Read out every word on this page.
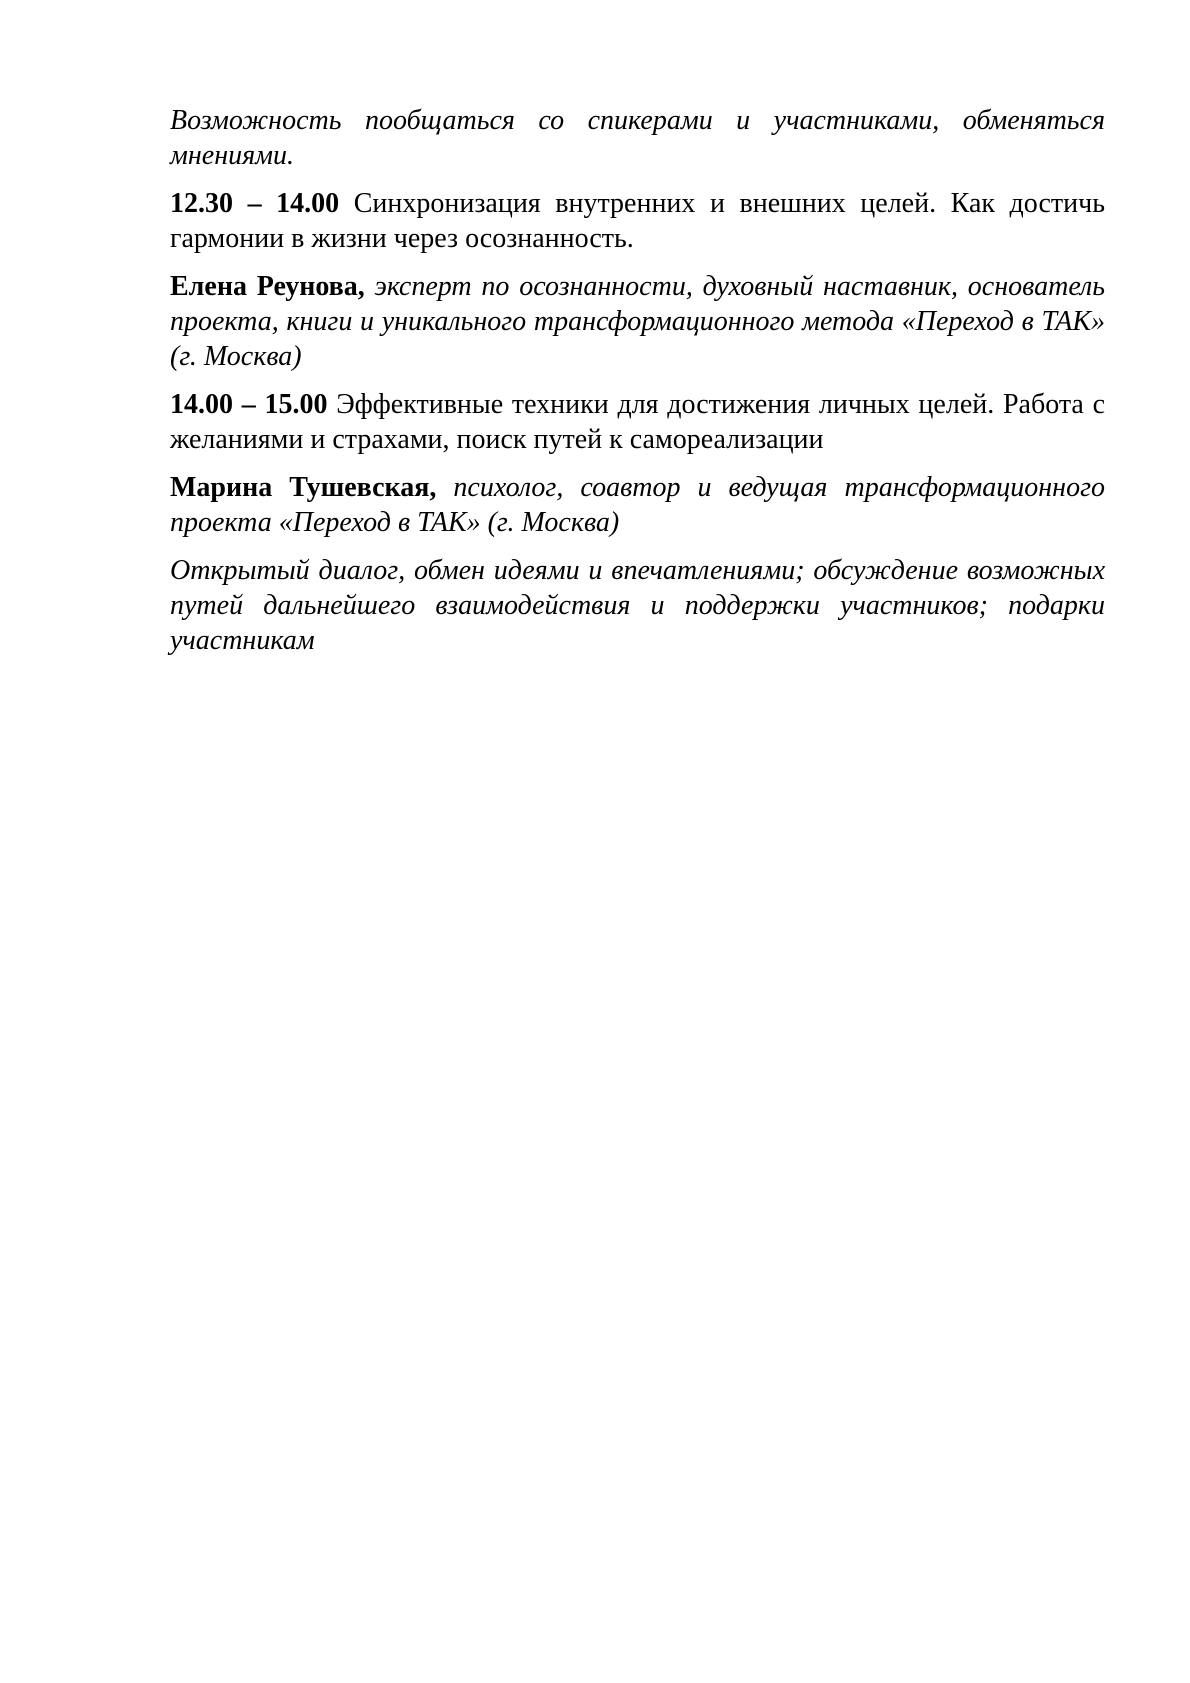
Возможность пообщаться со спикерами и участниками, обменяться мнениями.

12.30 – 14.00 Синхронизация внутренних и внешних целей. Как достичь гармонии в жизни через осознанность.

Елена Реунова, эксперт по осознанности, духовный наставник, основатель проекта, книги и уникального трансформационного метода «Переход в ТАК» (г. Москва)

14.00 – 15.00 Эффективные техники для достижения личных целей. Работа с желаниями и страхами, поиск путей к самореализации

Марина Тушевская, психолог, соавтор и ведущая трансформационного проекта «Переход в ТАК» (г. Москва)

Открытый диалог, обмен идеями и впечатлениями; обсуждение возможных путей дальнейшего взаимодействия и поддержки участников; подарки участникам
